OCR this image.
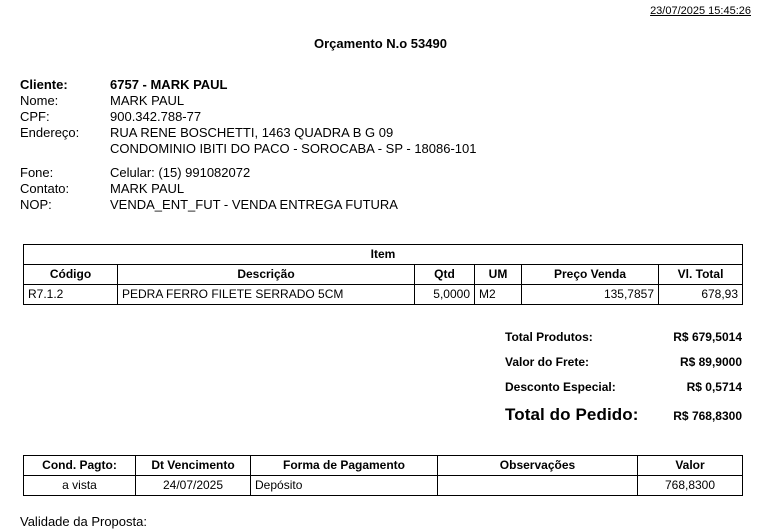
23/07/2025 15:45:26
Orçamento N.o 53490
Cliente:	6757 - MARK PAUL
Nome:	MARK PAUL
CPF:	900.342.788-77
Endereço:	RUA RENE BOSCHETTI, 1463 QUADRA B G 09
CONDOMINIO IBITI DO PACO - SOROCABA - SP - 18086-101
Fone:	Celular: (15) 991082072
Contato:	MARK PAUL
NOP:	VENDA_ENT_FUT - VENDA ENTREGA FUTURA
Item					
Código	Descrição	Qtd	UM	Preço Venda	Vl. Total
R7.1.2	PEDRA FERRO FILETE SERRADO 5CM	5,0000	M2	135,7857	678,93
Total Produtos:	R$ 679,5014
Valor do Frete:	R$ 89,9000
Desconto Especial:	R$ 0,5714
Total do Pedido:	R$ 768,8300
Cond. Pagto:	Dt Vencimento	Forma de Pagamento	Observações	Valor
a vista	24/07/2025	Depósito		768,8300
Validade da Proposta:
